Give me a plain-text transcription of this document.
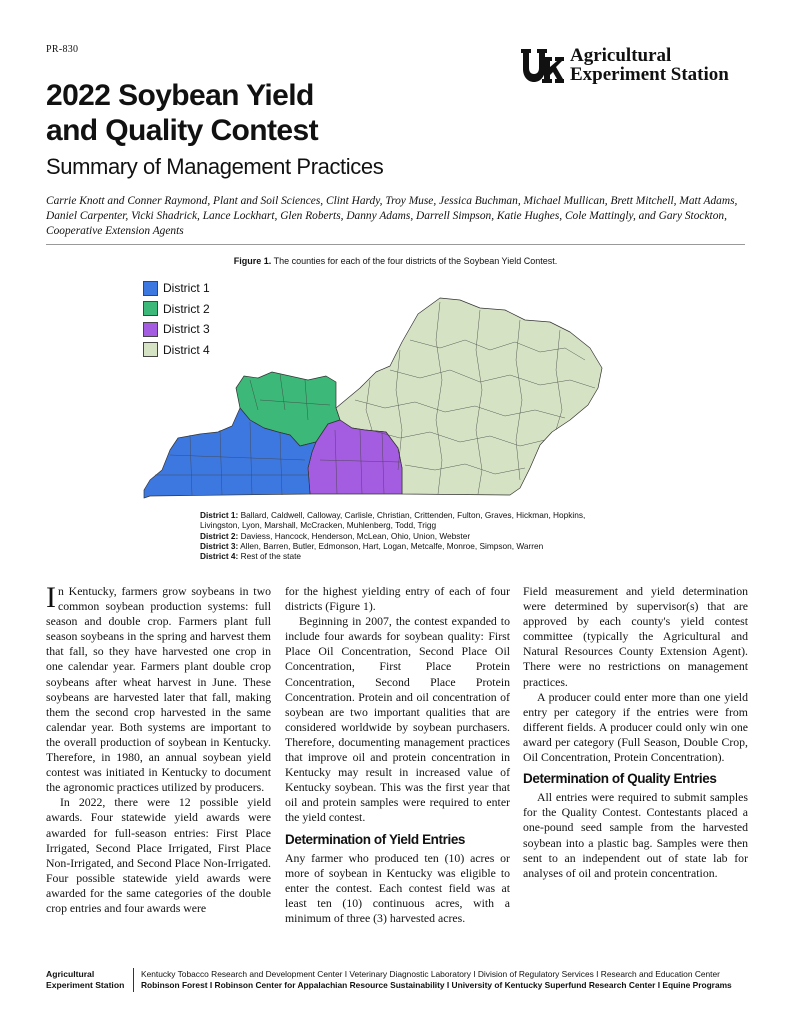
PR-830	Agricultural
Experiment Station
2022 Soybean Yield
and Quality Contest
Summary of Management Practices
Carrie Knott and Conner Raymond, Plant and Soil Sciences, Clint Hardy, Troy Muse, Jessica Buchman, Michael Mullican, Brett Mitchell, Matt Adams, Daniel Carpenter, Vicki Shadrick, Lance Lockhart, Glen Roberts, Danny Adams, Darrell Simpson, Katie Hughes, Cole Mattingly, and Gary Stockton, Cooperative Extension Agents
Figure 1. The counties for each of the four districts of the Soybean Yield Contest.
District 1
District 2
District 3
District 4
District 1: Ballard, Caldwell, Calloway, Carlisle, Christian, Crittenden, Fulton, Graves, Hickman, Hopkins, Livingston, Lyon, Marshall, McCracken, Muhlenberg, Todd, Trigg
District 2: Daviess, Hancock, Henderson, McLean, Ohio, Union, Webster
District 3: Allen, Barren, Butler, Edmonson, Hart, Logan, Metcalfe, Monroe, Simpson, Warren
District 4: Rest of the state

In Kentucky, farmers grow soybeans in two common soybean production systems: full season and double crop. Farmers plant full season soybeans in the spring and harvest them that fall, so they have harvested one crop in one calendar year. Farmers plant double crop soybeans after wheat harvest in June. These soybeans are harvested later that fall, making them the second crop harvested in the same calendar year. Both systems are important to the overall production of soybean in Kentucky. Therefore, in 1980, an annual soybean yield contest was initiated in Kentucky to document the agronomic practices utilized by producers.

In 2022, there were 12 possible yield awards. Four statewide yield awards were awarded for full-season entries: First Place Irrigated, Second Place Irrigated, First Place Non-Irrigated, and Second Place Non-Irrigated. Four possible statewide yield awards were awarded for the same categories of the double crop entries and four awards were

for the highest yielding entry of each of four districts (Figure 1).

Beginning in 2007, the contest expanded to include four awards for soybean quality: First Place Oil Concentration, Second Place Oil Concentration, First Place Protein Concentration, Second Place Protein Concentration. Protein and oil concentration of soybean are two important qualities that are considered worldwide by soybean purchasers. Therefore, documenting management practices that improve oil and protein concentration in Kentucky may result in increased value of Kentucky soybean. This was the first year that oil and protein samples were required to enter the yield contest.

Determination of Yield Entries

Any farmer who produced ten (10) acres or more of soybean in Kentucky was eligible to enter the contest. Each contest field was at least ten (10) continuous acres, with a minimum of three (3) harvested acres.

Field measurement and yield determination were determined by supervisor(s) that are approved by each county's yield contest committee (typically the Agricultural and Natural Resources County Extension Agent). There were no restrictions on management practices.

A producer could enter more than one yield entry per category if the entries were from different fields. A producer could only win one award per category (Full Season, Double Crop, Oil Concentration, Protein Concentration).

Determination of Quality Entries

All entries were required to submit samples for the Quality Contest. Contestants placed a one-pound seed sample from the harvested soybean into a plastic bag. Samples were then sent to an independent out of state lab for analyses of oil and protein concentration.

Agricultural
Experiment Station
Kentucky Tobacco Research and Development Center I Veterinary Diagnostic Laboratory I Division of Regulatory Services I Research and Education Center
Robinson Forest I Robinson Center for Appalachian Resource Sustainability I University of Kentucky Superfund Research Center I Equine Programs
